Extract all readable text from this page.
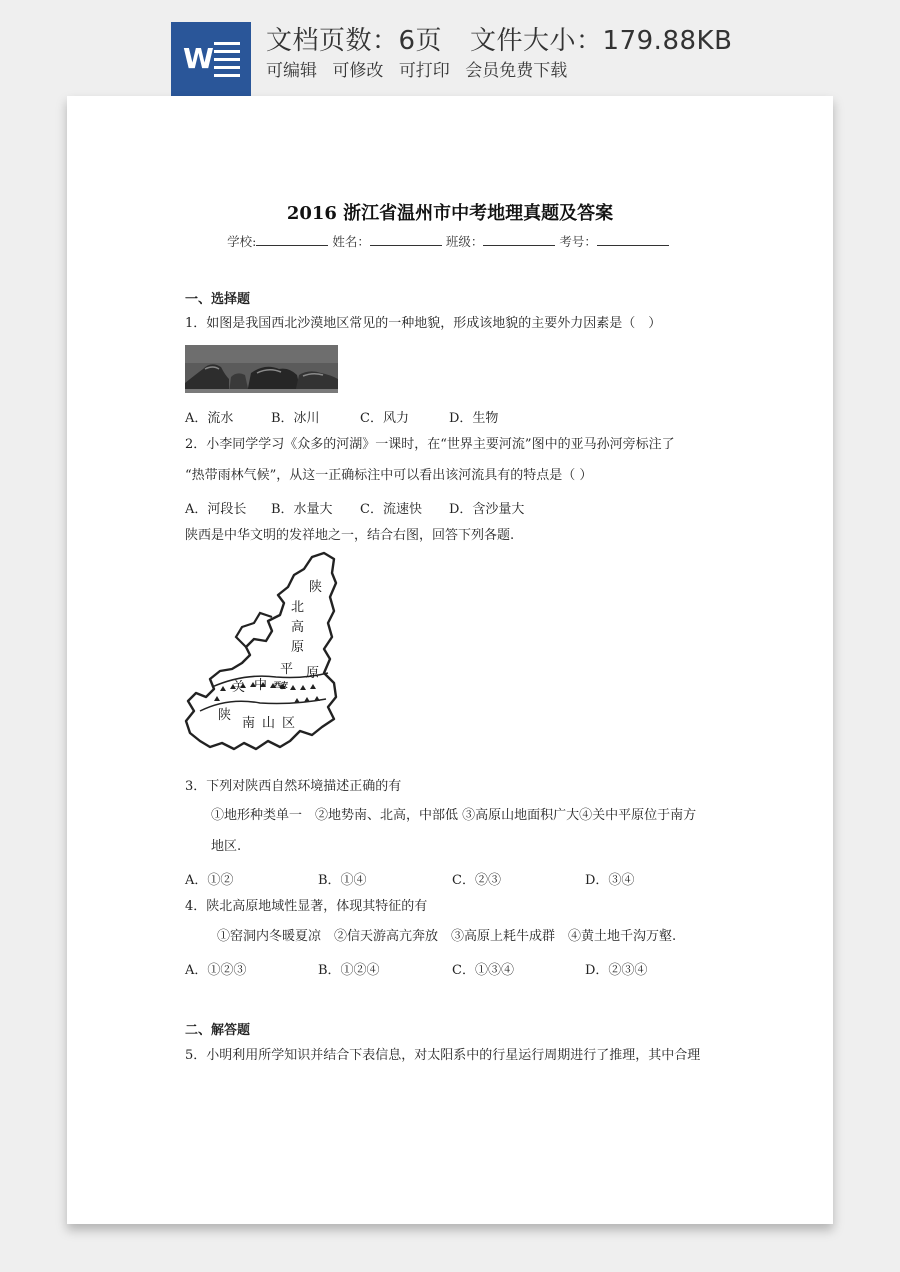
W
文档页数：6页 文件大小：179.88KB
可编辑 可修改 可打印 会员免费下载
2016 浙江省温州市中考地理真题及答案
学校:	姓名：	班级：	考号：
一、选择题
1．如图是我国西北沙漠地区常见的一种地貌，形成该地貌的主要外力因素是（　）
A．流水	B．冰川	C．风力	D．生物
2．小李同学学习《众多的河湖》一课时，在“世界主要河流”图中的亚马孙河旁标注了
“热带雨林气候”，从这一正确标注中可以看出该河流具有的特点是（ ）
A．河段长 B．水量大 C．流速快 D．含沙量大
陕西是中华文明的发祥地之一，结合右图，回答下列各题.
陕
北
高
原
关 中
平 原
西安
陕
南 山 区
3．下列对陕西自然环境描述正确的有
①地形种类单一　②地势南、北高，中部低 ③高原山地面积广大④关中平原位于南方
地区.
A．①②	B．①④	C．②③	D．③④
4．陕北高原地域性显著，体现其特征的有
①窑洞内冬暖夏凉　②信天游高亢奔放　③高原上耗牛成群　④黄土地千沟万壑.
A．①②③	B．①②④	C．①③④	D．②③④
二、解答题
5．小明利用所学知识并结合下表信息，对太阳系中的行星运行周期进行了推理，其中合理
